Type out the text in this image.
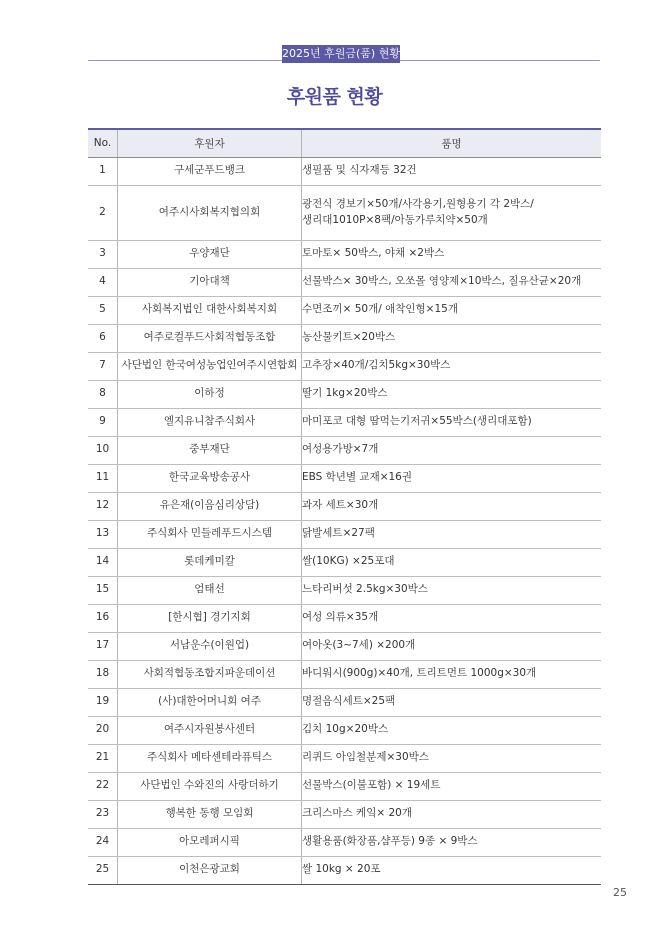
2025년 후원금(품) 현황
후원품 현황
No.	후원자	품명
1	구세군푸드뱅크	생필품 및 식자재등 32건

2	여주시사회복지협의회	광전식 경보기×50개/사각용기,원형용기 각 2박스/
생리대1010P×8팩/아동가루치약×50개

3	우양재단	토마토× 50박스, 야채 ×2박스

4	기아대책	선물박스× 30박스, 오쏘몰 영양제×10박스, 질유산균×20개

5	사회복지법인 대한사회복지회	수면조끼× 50개/ 애착인형×15개

6	여주로컬푸드사회적협동조합	농산물키트×20박스

7	사단법인 한국여성농업인여주시연합회	고추장×40개/김치5kg×30박스

8	이하정	딸기 1kg×20박스

9	엘지유니참주식회사	마미포코 대형 땀먹는기저귀×55박스(생리대포함)

10	중부재단	여성용가방×7개

11	한국교육방송공사	EBS 학년별 교재×16권

12	유은재(이음심리상담)	과자 세트×30개

13	주식회사 민들레푸드시스템	닭발세트×27팩

14	롯데케미칼	쌀(10KG) ×25포대

15	엄태선	느타리버섯 2.5kg×30박스

16	[한시협] 경기지회	여성 의류×35개

17	서남운수(이원업)	여아옷(3~7세) ×200개

18	사회적협동조합지파운데이션	바디워시(900g)×40개, 트리트먼트 1000g×30개

19	(사)대한어머니회 여주	명절음식세트×25팩

20	여주시자원봉사센터	김치 10g×20박스

21	주식회사 메타센테라퓨틱스	리퀴드 아임철분제×30박스

22	사단법인 수와진의 사랑더하기	선물박스(이불포함) × 19세트

23	행복한 동행 모임회	크리스마스 케잌× 20개

24	아모레퍼시픽	생활용품(화장품,샴푸등) 9종 × 9박스

25	이천은광교회	쌀 10kg × 20포
25
